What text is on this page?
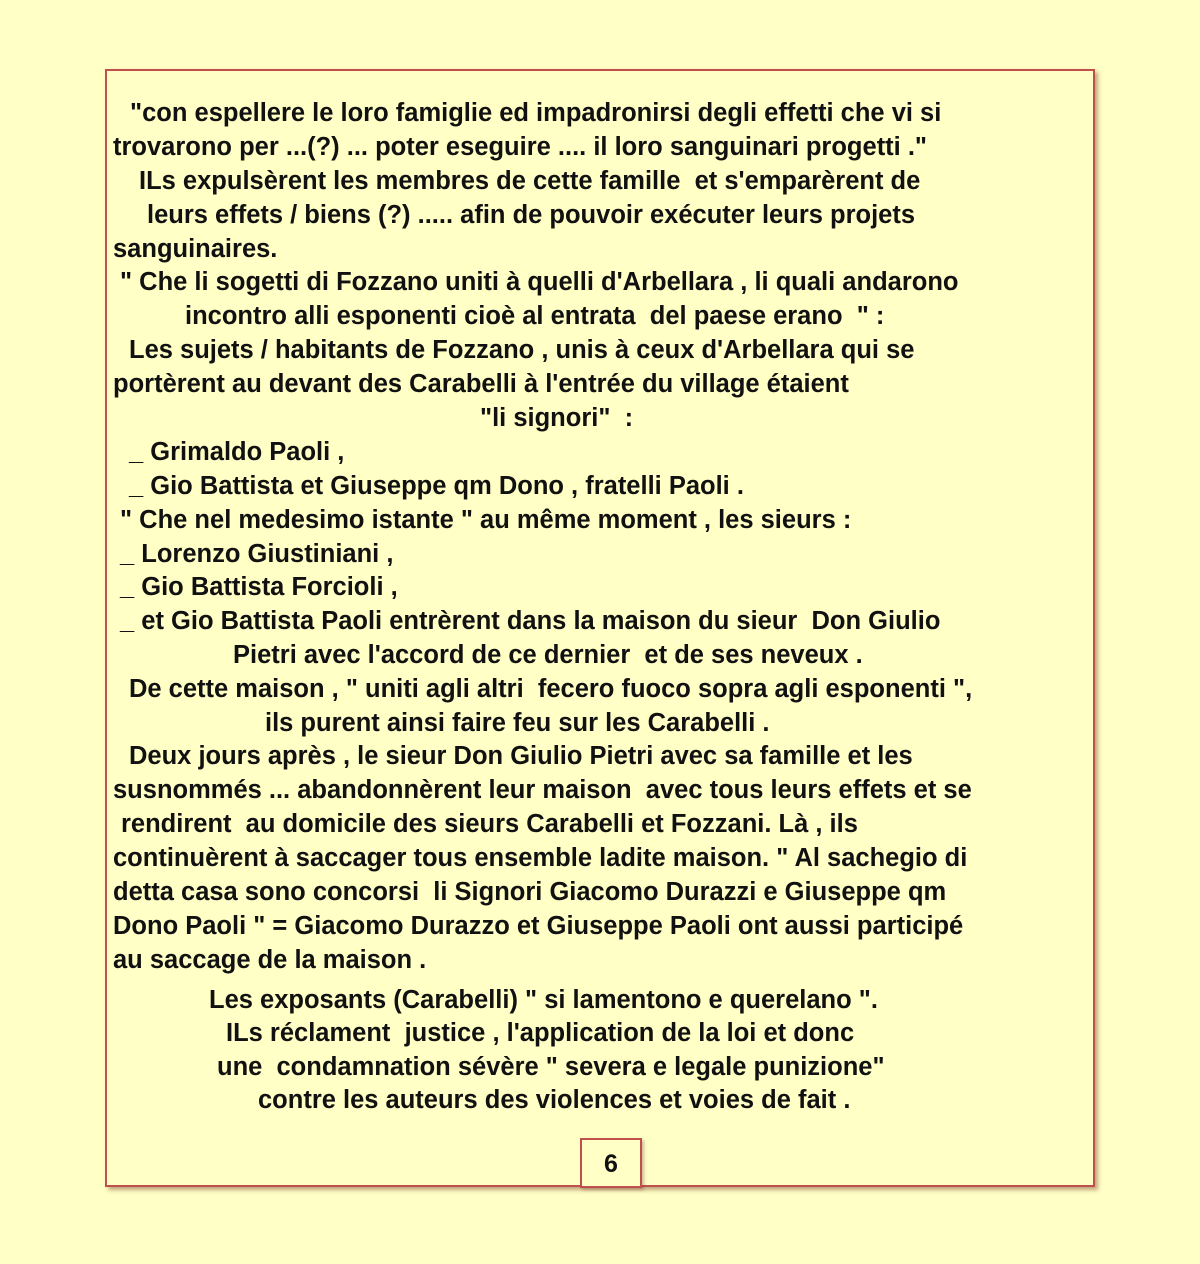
"con espellere le loro famiglie ed impadronirsi degli effetti che vi si
trovarono per ...(?) ... poter eseguire .... il loro sanguinari progetti ."
ILs expulsèrent les membres de cette famille  et s'emparèrent de
leurs effets / biens (?) ..... afin de pouvoir exécuter leurs projets
sanguinaires.
" Che li sogetti di Fozzano uniti à quelli d'Arbellara , li quali andarono
incontro alli esponenti cioè al entrata  del paese erano  " :
Les sujets / habitants de Fozzano , unis à ceux d'Arbellara qui se
portèrent au devant des Carabelli à l'entrée du village étaient
"li signori"  :
_ Grimaldo Paoli ,
_ Gio Battista et Giuseppe qm Dono , fratelli Paoli .
" Che nel medesimo istante " au même moment , les sieurs :
_ Lorenzo Giustiniani ,
_ Gio Battista Forcioli ,
_ et Gio Battista Paoli entrèrent dans la maison du sieur  Don Giulio
Pietri avec l'accord de ce dernier  et de ses neveux .
De cette maison , " uniti agli altri  fecero fuoco sopra agli esponenti ",
ils purent ainsi faire feu sur les Carabelli .
Deux jours après , le sieur Don Giulio Pietri avec sa famille et les
susnommés ... abandonnèrent leur maison  avec tous leurs effets et se
rendirent  au domicile des sieurs Carabelli et Fozzani. Là , ils
continuèrent à saccager tous ensemble ladite maison. " Al sachegio di
detta casa sono concorsi  li Signori Giacomo Durazzi e Giuseppe qm
Dono Paoli " = Giacomo Durazzo et Giuseppe Paoli ont aussi participé
au saccage de la maison .
Les exposants (Carabelli) " si lamentono e querelano ".
ILs réclament  justice , l'application de la loi et donc
une  condamnation sévère " severa e legale punizione"
contre les auteurs des violences et voies de fait .
6
